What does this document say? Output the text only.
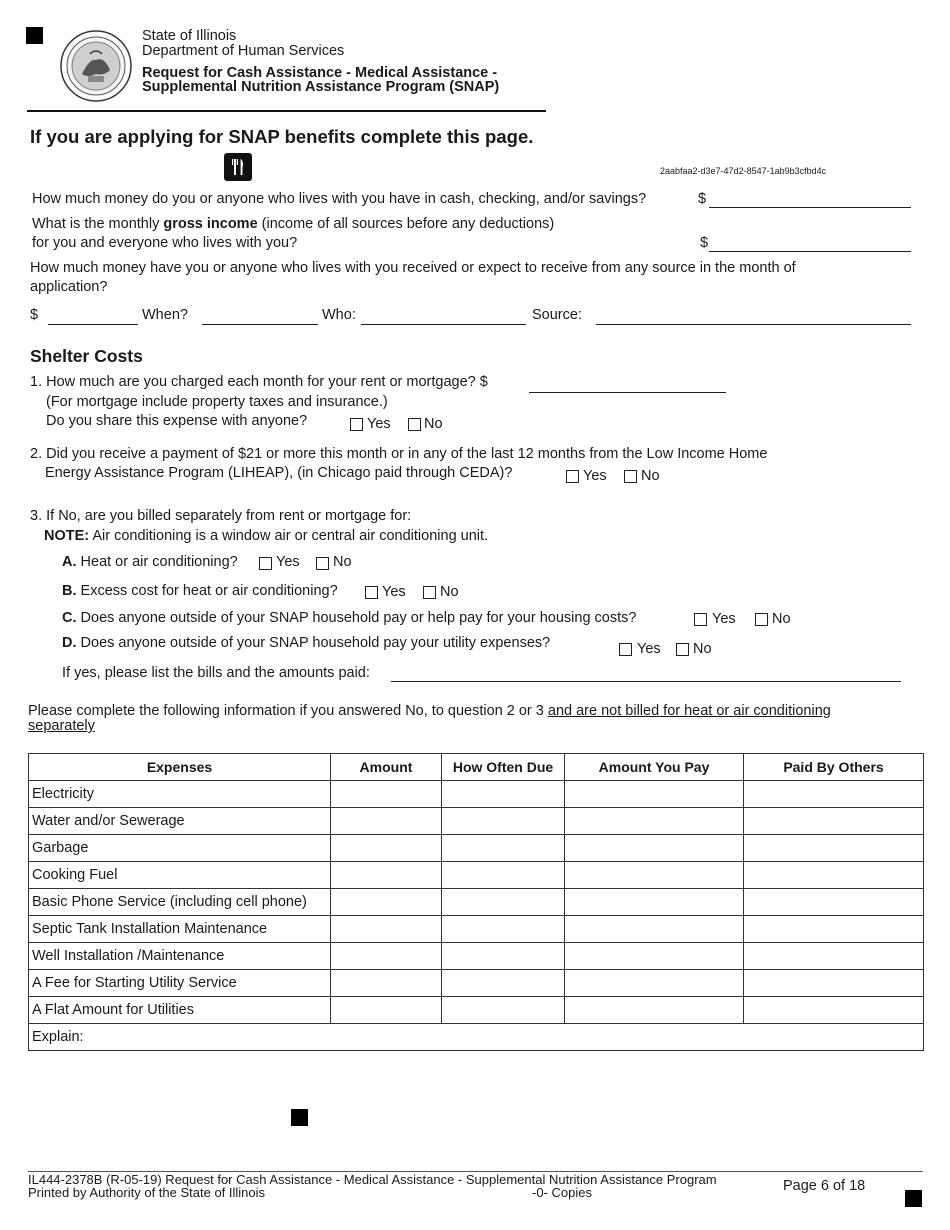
State of Illinois
Department of Human Services
Request for Cash Assistance - Medical Assistance -
Supplemental Nutrition Assistance Program (SNAP)
If you are applying for SNAP benefits complete this page.
2aabfaa2-d3e7-47d2-8547-1ab9b3cfbd4c
How much money do you or anyone who lives with you have in cash, checking, and/or savings?	$
What is the monthly gross income (income of all sources before any deductions)
for you and everyone who lives with you?	$
How much money have you or anyone who lives with you received or expect to receive from any source in the month of
application?
$	When?	Who:	Source:
Shelter Costs
1. How much are you charged each month for your rent or mortgage? $
(For mortgage include property taxes and insurance.)
Do you share this expense with anyone?	Yes No
2. Did you receive a payment of $21 or more this month or in any of the last 12 months from the Low Income Home
Energy Assistance Program (LIHEAP), (in Chicago paid through CEDA)?	Yes No
3. If No, are you billed separately from rent or mortgage for:
NOTE: Air conditioning is a window air or central air conditioning unit.
A. Heat or air conditioning?	Yes No
B. Excess cost for heat or air conditioning?	Yes No
C. Does anyone outside of your SNAP household pay or help pay for your housing costs?	Yes	No
D. Does anyone outside of your SNAP household pay your utility expenses?	Yes No
If yes, please list the bills and the amounts paid:
Please complete the following information if you answered No, to question 2 or 3 and are not billed for heat or air conditioning
separately
Expenses	Amount	How Often Due	Amount You Pay	Paid By Others
Electricity				
Water and/or Sewerage				
Garbage				
Cooking Fuel				
Basic Phone Service (including cell phone)				
Septic Tank Installation Maintenance				
Well Installation /Maintenance				
A Fee for Starting Utility Service				
A Flat Amount for Utilities				
Explain:				
IL444-2378B (R-05-19) Request for Cash Assistance - Medical Assistance - Supplemental Nutrition Assistance Program
Printed by Authority of the State of Illinois	-0- Copies	Page 6 of 18
